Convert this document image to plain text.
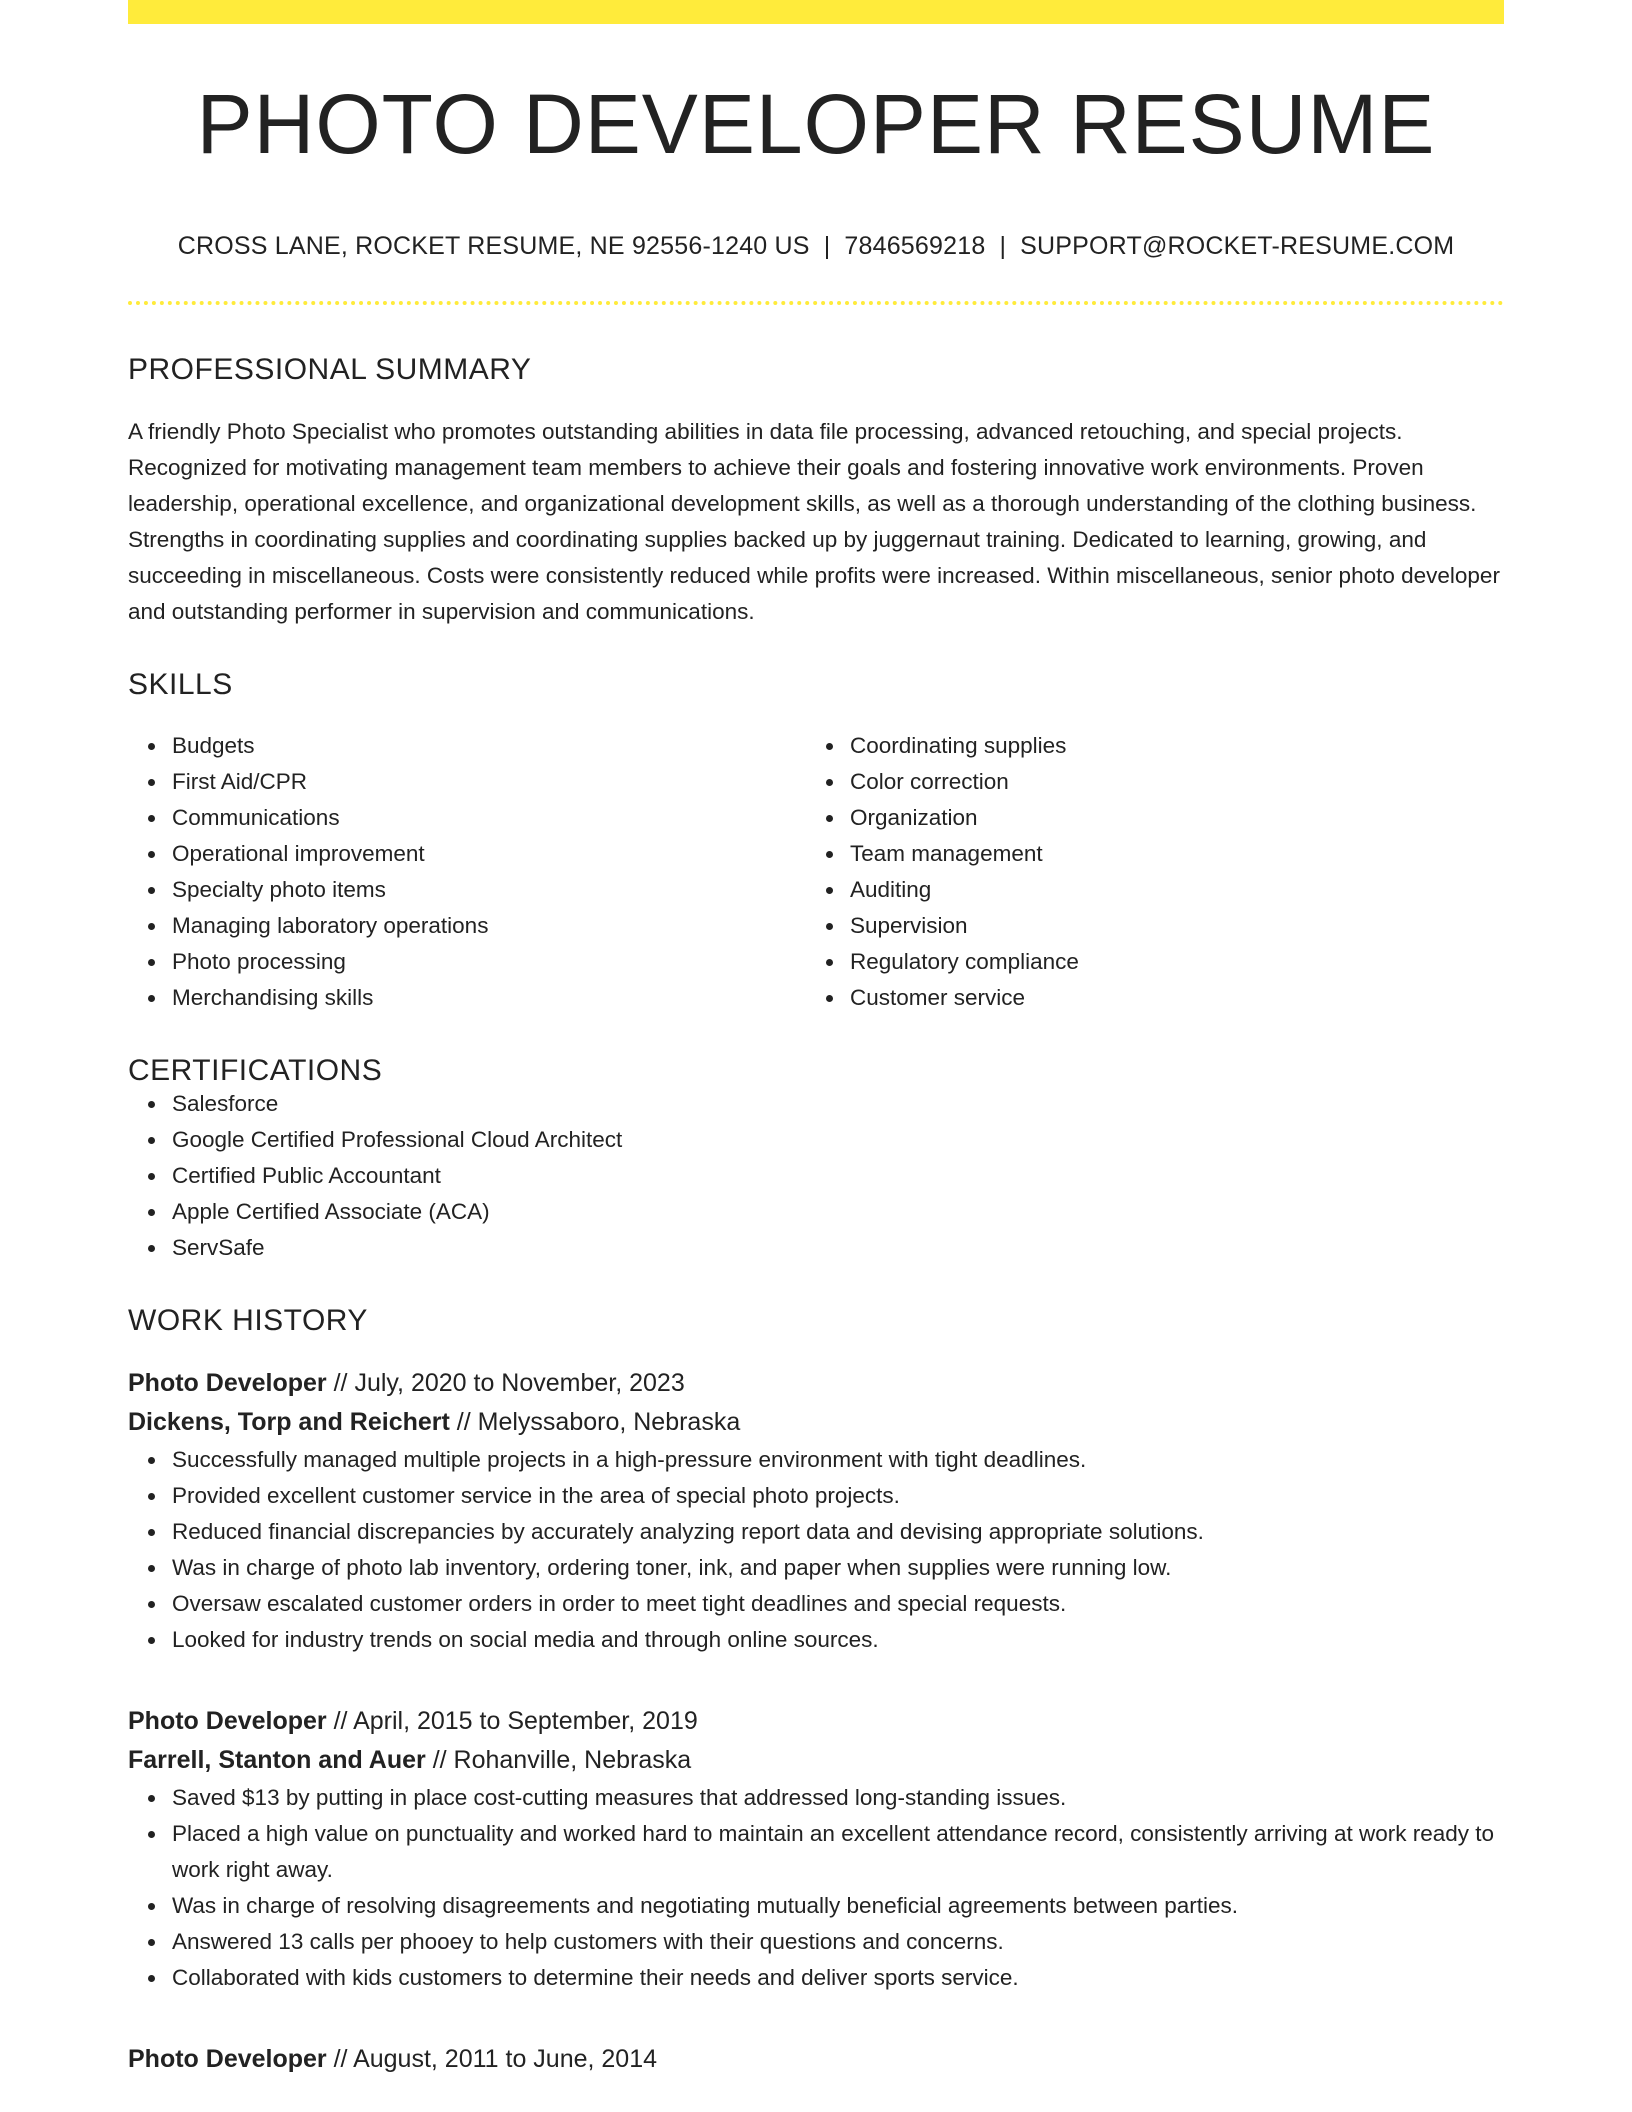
PHOTO DEVELOPER RESUME
CROSS LANE, ROCKET RESUME, NE 92556-1240 US | 7846569218 | SUPPORT@ROCKET-RESUME.COM
PROFESSIONAL SUMMARY

A friendly Photo Specialist who promotes outstanding abilities in data file processing, advanced retouching, and special projects. Recognized for motivating management team members to achieve their goals and fostering innovative work environments. Proven leadership, operational excellence, and organizational development skills, as well as a thorough understanding of the clothing business. Strengths in coordinating supplies and coordinating supplies backed up by juggernaut training. Dedicated to learning, growing, and succeeding in miscellaneous. Costs were consistently reduced while profits were increased. Within miscellaneous, senior photo developer and outstanding performer in supervision and communications.

SKILLS
Budgets
First Aid/CPR
Communications
Operational improvement
Specialty photo items
Managing laboratory operations
Photo processing
Merchandising skills
Coordinating supplies
Color correction
Organization
Team management
Auditing
Supervision
Regulatory compliance
Customer service
CERTIFICATIONS
Salesforce
Google Certified Professional Cloud Architect
Certified Public Accountant
Apple Certified Associate (ACA)
ServSafe
WORK HISTORY
Photo Developer // July, 2020 to November, 2023
Dickens, Torp and Reichert // Melyssaboro, Nebraska
Successfully managed multiple projects in a high-pressure environment with tight deadlines.
Provided excellent customer service in the area of special photo projects.
Reduced financial discrepancies by accurately analyzing report data and devising appropriate solutions.
Was in charge of photo lab inventory, ordering toner, ink, and paper when supplies were running low.
Oversaw escalated customer orders in order to meet tight deadlines and special requests.
Looked for industry trends on social media and through online sources.
Photo Developer // April, 2015 to September, 2019
Farrell, Stanton and Auer // Rohanville, Nebraska
Saved $13 by putting in place cost-cutting measures that addressed long-standing issues.
Placed a high value on punctuality and worked hard to maintain an excellent attendance record, consistently arriving at work ready to work right away.
Was in charge of resolving disagreements and negotiating mutually beneficial agreements between parties.
Answered 13 calls per phooey to help customers with their questions and concerns.
Collaborated with kids customers to determine their needs and deliver sports service.
Photo Developer // August, 2011 to June, 2014
